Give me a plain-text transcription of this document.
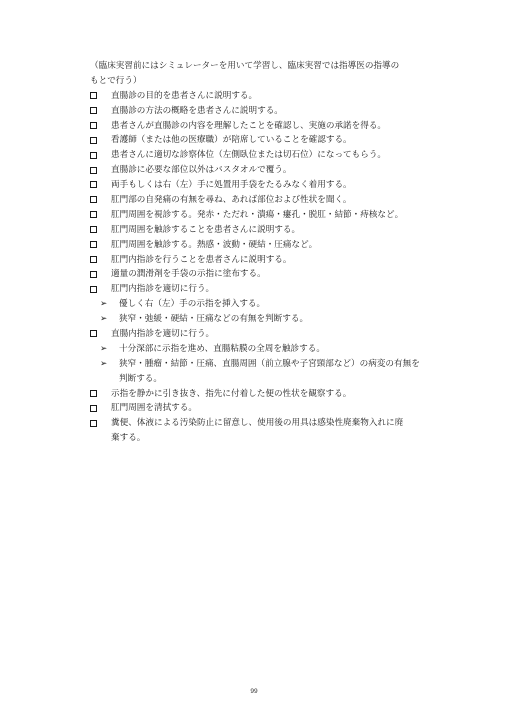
（臨床実習前にはシミュレーターを用いて学習し、臨床実習では指導医の指導の
もとで行う）
直腸診の目的を患者さんに説明する。
直腸診の方法の概略を患者さんに説明する。
患者さんが直腸診の内容を理解したことを確認し、実施の承諾を得る。
看護師（または他の医療職）が陪席していることを確認する。
患者さんに適切な診察体位（左側臥位または切石位）になってもらう。
直腸診に必要な部位以外はバスタオルで覆う。
両手もしくは右（左）手に処置用手袋をたるみなく着用する。
肛門部の自発痛の有無を尋ね、あれば部位および性状を聞く。
肛門周囲を視診する。発赤・ただれ・潰瘍・瘻孔・脱肛・結節・痔核など。
肛門周囲を触診することを患者さんに説明する。
肛門周囲を触診する。熱感・波動・硬結・圧痛など。
肛門内指診を行うことを患者さんに説明する。
適量の潤滑剤を手袋の示指に塗布する。
肛門内指診を適切に行う。
➢ 優しく右（左）手の示指を挿入する。
➢ 狭窄・弛緩・硬結・圧痛などの有無を判断する。
直腸内指診を適切に行う。
➢ 十分深部に示指を進め、直腸粘膜の全周を触診する。
➢ 狭窄・腫瘤・結節・圧痛、直腸周囲（前立腺や子宮頸部など）の病変の有無を
判断する。
示指を静かに引き抜き、指先に付着した便の性状を観察する。
肛門周囲を清拭する。
糞便、体液による汚染防止に留意し、使用後の用具は感染性廃棄物入れに廃
棄する。
99
